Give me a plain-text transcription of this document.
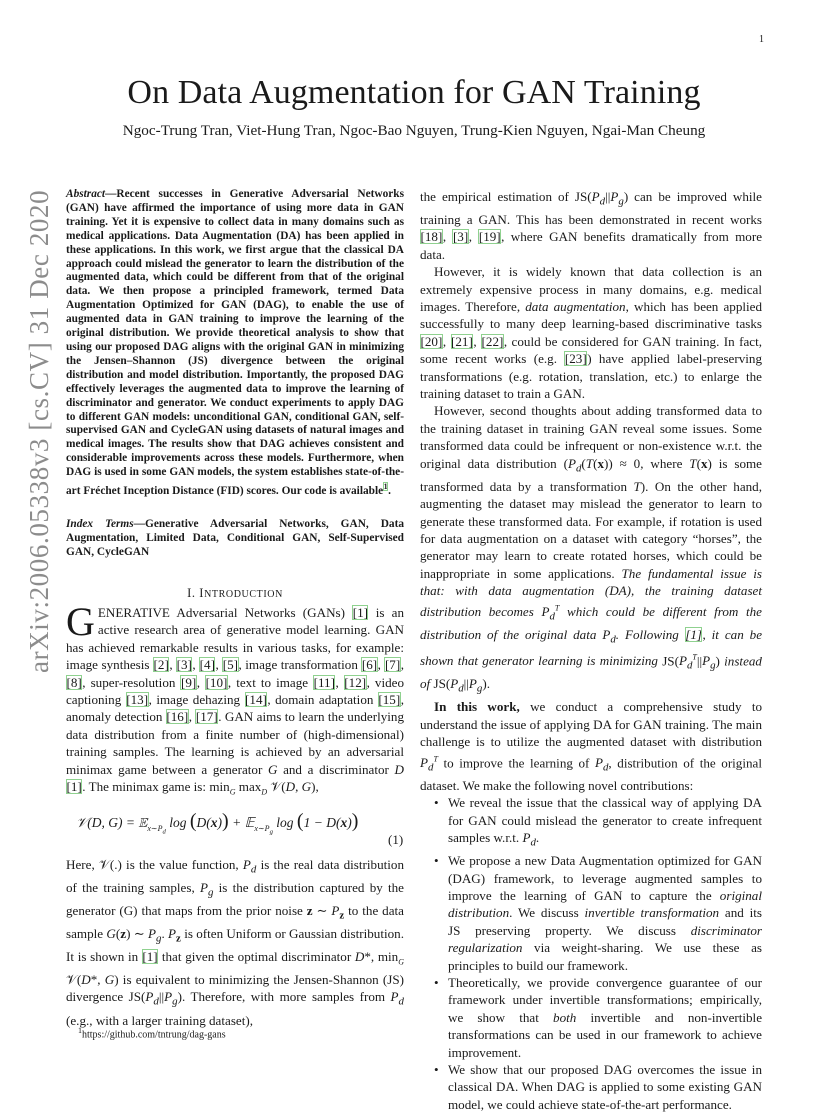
1
arXiv:2006.05338v3 [cs.CV] 31 Dec 2020
On Data Augmentation for GAN Training
Ngoc-Trung Tran, Viet-Hung Tran, Ngoc-Bao Nguyen, Trung-Kien Nguyen, Ngai-Man Cheung
Abstract—Recent successes in Generative Adversarial Networks (GAN) have affirmed the importance of using more data in GAN training. Yet it is expensive to collect data in many domains such as medical applications. Data Augmentation (DA) has been applied in these applications. In this work, we first argue that the classical DA approach could mislead the generator to learn the distribution of the augmented data, which could be different from that of the original data. We then propose a principled framework, termed Data Augmentation Optimized for GAN (DAG), to enable the use of augmented data in GAN training to improve the learning of the original distribution. We provide theoretical analysis to show that using our proposed DAG aligns with the original GAN in minimizing the Jensen–Shannon (JS) divergence between the original distribution and model distribution. Importantly, the proposed DAG effectively leverages the augmented data to improve the learning of discriminator and generator. We conduct experiments to apply DAG to different GAN models: unconditional GAN, conditional GAN, self-supervised GAN and CycleGAN using datasets of natural images and medical images. The results show that DAG achieves consistent and considerable improvements across these models. Furthermore, when DAG is used in some GAN models, the system establishes state-of-the-art Fréchet Inception Distance (FID) scores. Our code is available$^1$.
Index Terms—Generative Adversarial Networks, GAN, Data Augmentation, Limited Data, Conditional GAN, Self-Supervised GAN, CycleGAN
I. INTRODUCTION
GENERATIVE Adversarial Networks (GANs) [1] is an active research area of generative model learning. GAN has achieved remarkable results in various tasks, for example: image synthesis [2], [3], [4], [5], image transformation [6], [7], [8], super-resolution [9], [10], text to image [11], [12], video captioning [13], image dehazing [14], domain adaptation [15], anomaly detection [16], [17]. GAN aims to learn the underlying data distribution from a finite number of (high-dimensional) training samples. The learning is achieved by an adversarial minimax game between a generator G and a discriminator D [1]. The minimax game is: $\min_G \max_D$ 𝒱(D, G),
𝒱(D, G) = 𝔼$_{x\sim P_d}$ log (D(x)) + 𝔼$_{x\sim P_g}$ log (1 − D(x))
(1)
Here, 𝒱(.) is the value function, $P_d$ is the real data distribution of the training samples, $P_g$ is the distribution captured by the generator (G) that maps from the prior noise z ∼ $P_z$ to the data sample G(z) ∼ $P_g$. $P_z$ is often Uniform or Gaussian distribution. It is shown in [1] that given the optimal discriminator D*, $\min_G$ 𝒱(D*, G) is equivalent to minimizing the Jensen-Shannon (JS) divergence $JS(P_d||P_g)$. Therefore, with more samples from $P_d$ (e.g., with a larger training dataset),
$^1$https://github.com/tntrung/dag-gans

the empirical estimation of $JS(P_d||P_g)$ can be improved while training a GAN. This has been demonstrated in recent works [18], [3], [19], where GAN benefits dramatically from more data.

However, it is widely known that data collection is an extremely expensive process in many domains, e.g. medical images. Therefore, data augmentation, which has been applied successfully to many deep learning-based discriminative tasks [20], [21], [22], could be considered for GAN training. In fact, some recent works (e.g. [23]) have applied label-preserving transformations (e.g. rotation, translation, etc.) to enlarge the training dataset to train a GAN.

However, second thoughts about adding transformed data to the training dataset in training GAN reveal some issues. Some transformed data could be infrequent or non-existence w.r.t. the original data distribution ($P_d(T(x)) \approx 0$, where T(x) is some transformed data by a transformation T). On the other hand, augmenting the dataset may mislead the generator to learn to generate these transformed data. For example, if rotation is used for data augmentation on a dataset with category “horses”, the generator may learn to create rotated horses, which could be inappropriate in some applications. The fundamental issue is that: with data augmentation (DA), the training dataset distribution becomes $P_d^T$ which could be different from the distribution of the original data $P_d$. Following [1], it can be shown that generator learning is minimizing $JS(P_d^T||P_g)$ instead of $JS(P_d||P_g)$.

In this work, we conduct a comprehensive study to understand the issue of applying DA for GAN training. The main challenge is to utilize the augmented dataset with distribution $P_d^T$ to improve the learning of $P_d$, distribution of the original dataset. We make the following novel contributions:

• We reveal the issue that the classical way of applying DA for GAN could mislead the generator to create infrequent samples w.r.t. $P_d$.
• We propose a new Data Augmentation optimized for GAN (DAG) framework, to leverage augmented samples to improve the learning of GAN to capture the original distribution. We discuss invertible transformation and its JS preserving property. We discuss discriminator regularization via weight-sharing. We use these as principles to build our framework.
• Theoretically, we provide convergence guarantee of our framework under invertible transformations; empirically, we show that both invertible and non-invertible transformations can be used in our framework to achieve improvement.
• We show that our proposed DAG overcomes the issue in classical DA. When DAG is applied to some existing GAN model, we could achieve state-of-the-art performance.
